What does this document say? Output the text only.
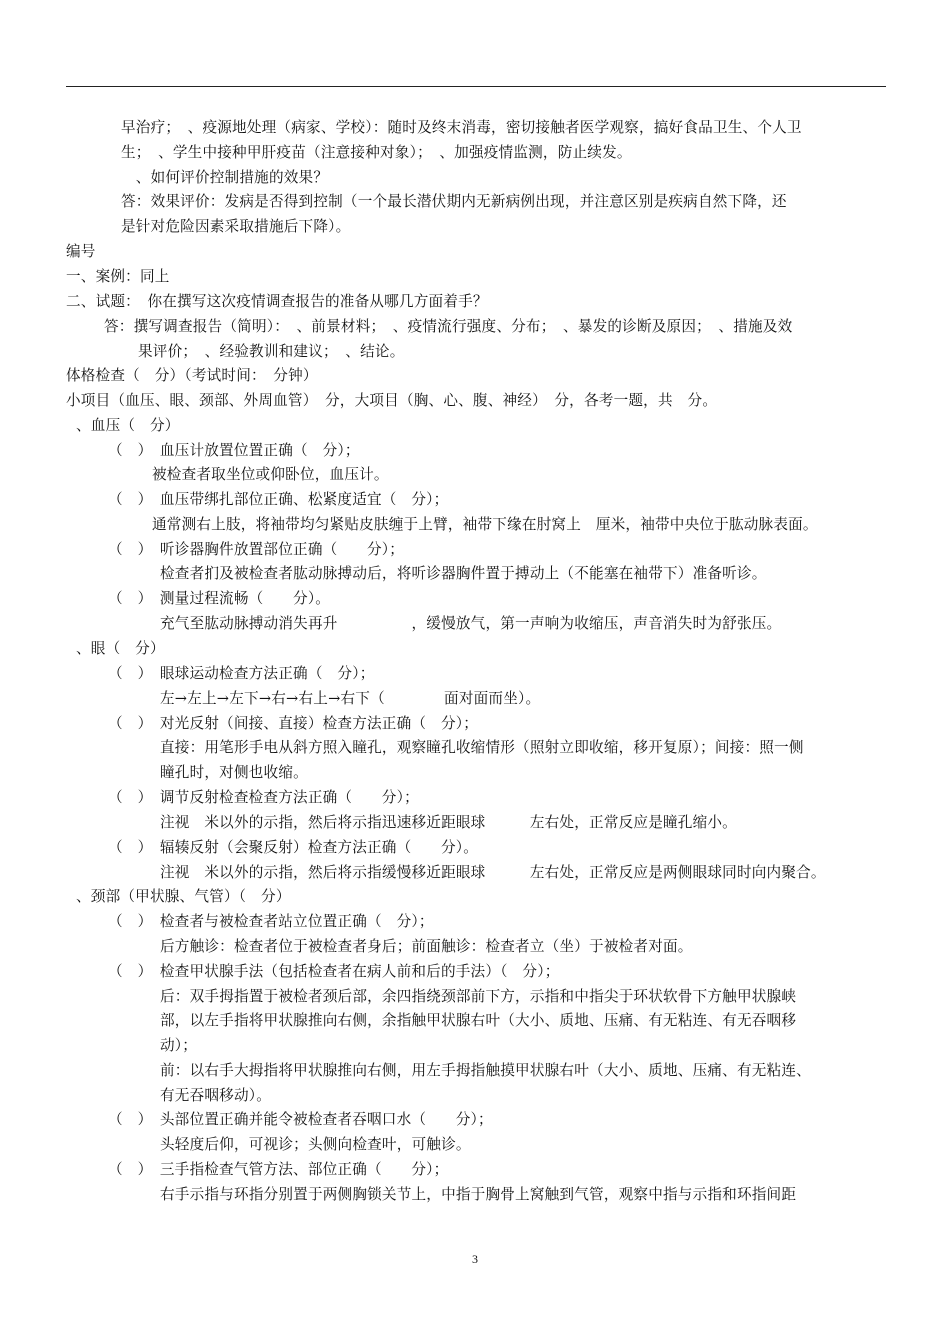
早治疗；　、疫源地处理（病家、学校）：随时及终末消毒，密切接触者医学观察，搞好食品卫生、个人卫
生；　、学生中接种甲肝疫苗（注意接种对象）；　、加强疫情监测，防止续发。
　、如何评价控制措施的效果？
答：效果评价：发病是否得到控制（一个最长潜伏期内无新病例出现，并注意区别是疾病自然下降，还
是针对危险因素采取措施后下降）。
编号
一、案例：同上
二、试题：　你在撰写这次疫情调查报告的准备从哪几方面着手？
答：撰写调查报告（简明）：　、前景材料；　、疫情流行强度、分布；　、暴发的诊断及原因；　、措施及效
果评价；　、经验教训和建议；　、结论。
体格检查（　分）（考试时间：　分钟）
小项目（血压、眼、颈部、外周血管）　分，大项目（胸、心、腹、神经）　分，各考一题，共　分。
、血压（　分）
（　）　血压计放置位置正确（　分）；
被检查者取坐位或仰卧位，血压计。
（　）　血压带绑扎部位正确、松紧度适宜（　分）；
通常测右上肢，将袖带均匀紧贴皮肤缠于上臂，袖带下缘在肘窝上　厘米，袖带中央位于肱动脉表面。
（　）　听诊器胸件放置部位正确（　　分）；
检查者扪及被检查者肱动脉搏动后，将听诊器胸件置于搏动上（不能塞在袖带下）准备听诊。
（　）　测量过程流畅（　　分）。
充气至肱动脉搏动消失再升　　　　　，缓慢放气，第一声响为收缩压，声音消失时为舒张压。
、眼（　分）
（　）　眼球运动检查方法正确（　分）；
左→左上→左下→右→右上→右下（　　　　面对面而坐）。
（　）　对光反射（间接、直接）检查方法正确（　分）；
直接：用笔形手电从斜方照入瞳孔，观察瞳孔收缩情形（照射立即收缩，移开复原）；间接：照一侧
瞳孔时，对侧也收缩。
（　）　调节反射检查检查方法正确（　　分）；
注视　米以外的示指，然后将示指迅速移近距眼球　　　左右处，正常反应是瞳孔缩小。
（　）　辐辏反射（会聚反射）检查方法正确（　　分）。
注视　米以外的示指，然后将示指缓慢移近距眼球　　　左右处，正常反应是两侧眼球同时向内聚合。
、颈部（甲状腺、气管）（　分）
（　）　检查者与被检查者站立位置正确（　分）；
后方触诊：检查者位于被检查者身后；前面触诊：检查者立（坐）于被检者对面。
（　）　检查甲状腺手法（包括检查者在病人前和后的手法）（　分）；
后：双手拇指置于被检者颈后部，余四指绕颈部前下方，示指和中指尖于环状软骨下方触甲状腺峡
部，以左手指将甲状腺推向右侧，余指触甲状腺右叶（大小、质地、压痛、有无粘连、有无吞咽移
动）；
前：以右手大拇指将甲状腺推向右侧，用左手拇指触摸甲状腺右叶（大小、质地、压痛、有无粘连、
有无吞咽移动）。
（　）　头部位置正确并能令被检查者吞咽口水（　　分）；
头轻度后仰，可视诊；头侧向检查叶，可触诊。
（　）　三手指检查气管方法、部位正确（　　分）；
右手示指与环指分别置于两侧胸锁关节上，中指于胸骨上窝触到气管，观察中指与示指和环指间距
3
